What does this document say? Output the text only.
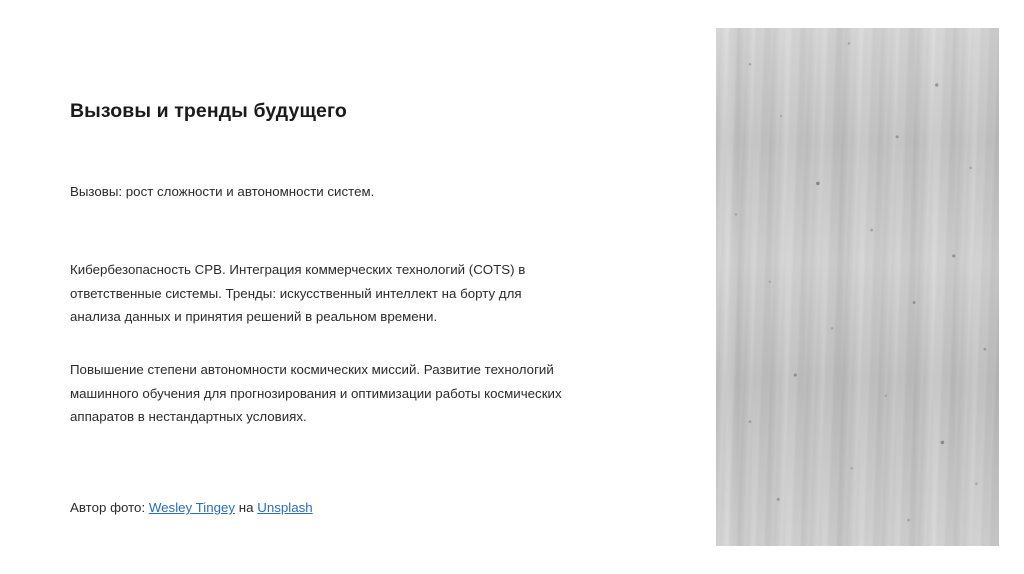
Вызовы и тренды будущего
Вызовы: рост сложности и автономности систем.
Кибербезопасность СРВ. Интеграция коммерческих технологий (COTS) в ответственные системы. Тренды: искусственный интеллект на борту для анализа данных и принятия решений в реальном времени.
Повышение степени автономности космических миссий. Развитие технологий машинного обучения для прогнозирования и оптимизации работы космических аппаратов в нестандартных условиях.
Автор фото: Wesley Tingey на Unsplash
